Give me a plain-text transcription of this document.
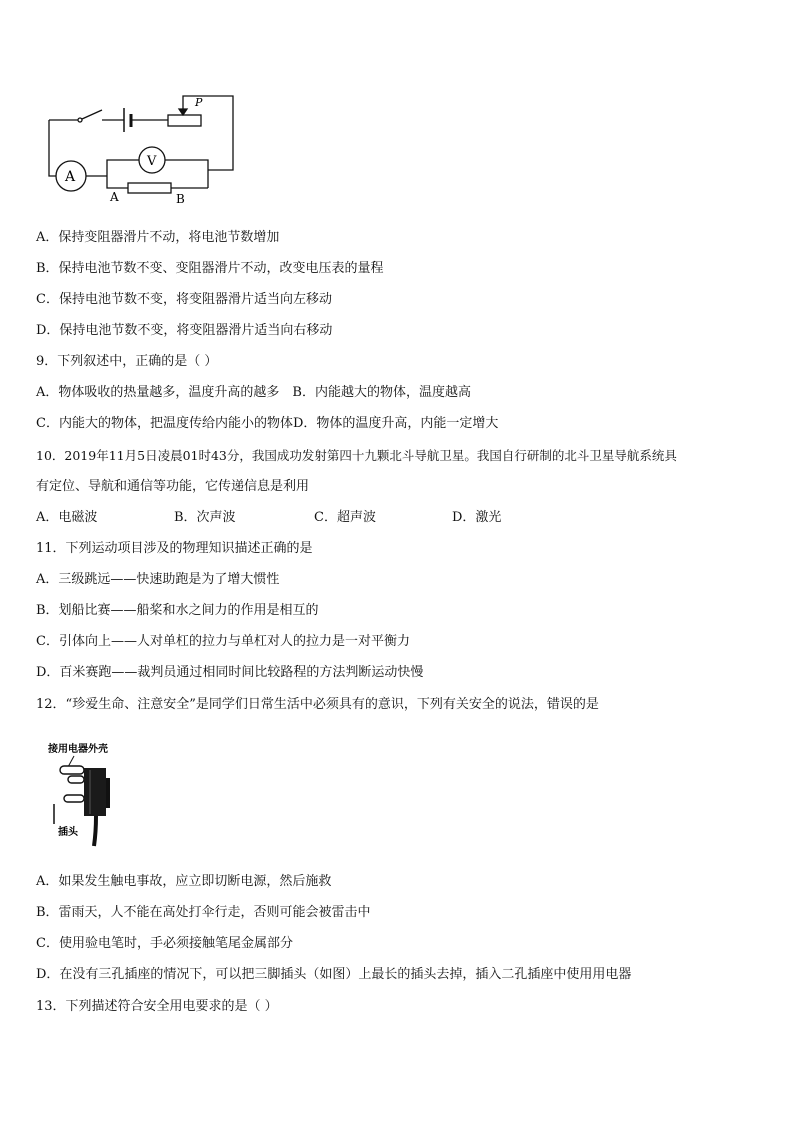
P
A
V
A	B
A．保持变阻器滑片不动，将电池节数增加
B．保持电池节数不变、变阻器滑片不动，改变电压表的量程
C．保持电池节数不变，将变阻器滑片适当向左移动
D．保持电池节数不变，将变阻器滑片适当向右移动
9．下列叙述中，正确的是（ ）
A．物体吸收的热量越多，温度升高的越多　B．内能越大的物体，温度越高
C．内能大的物体，把温度传给内能小的物体D．物体的温度升高，内能一定增大
10．2019年11月5日凌晨01时43分，我国成功发射第四十九颗北斗导航卫星。我国自行研制的北斗卫星导航系统具
有定位、导航和通信等功能，它传递信息是利用
A．电磁波	B．次声波	C．超声波	D．激光
11．下列运动项目涉及的物理知识描述正确的是
A．三级跳远——快速助跑是为了增大惯性
B．划船比赛——船桨和水之间力的作用是相互的
C．引体向上——人对单杠的拉力与单杠对人的拉力是一对平衡力
D．百米赛跑——裁判员通过相同时间比较路程的方法判断运动快慢
12．“珍爱生命、注意安全”是同学们日常生活中必须具有的意识，下列有关安全的说法，错误的是
接用电器外壳
插头
A．如果发生触电事故，应立即切断电源，然后施救
B．雷雨天，人不能在高处打伞行走，否则可能会被雷击中
C．使用验电笔时，手必须接触笔尾金属部分
D．在没有三孔插座的情况下，可以把三脚插头（如图）上最长的插头去掉，插入二孔插座中使用用电器
13．下列描述符合安全用电要求的是（ ）
